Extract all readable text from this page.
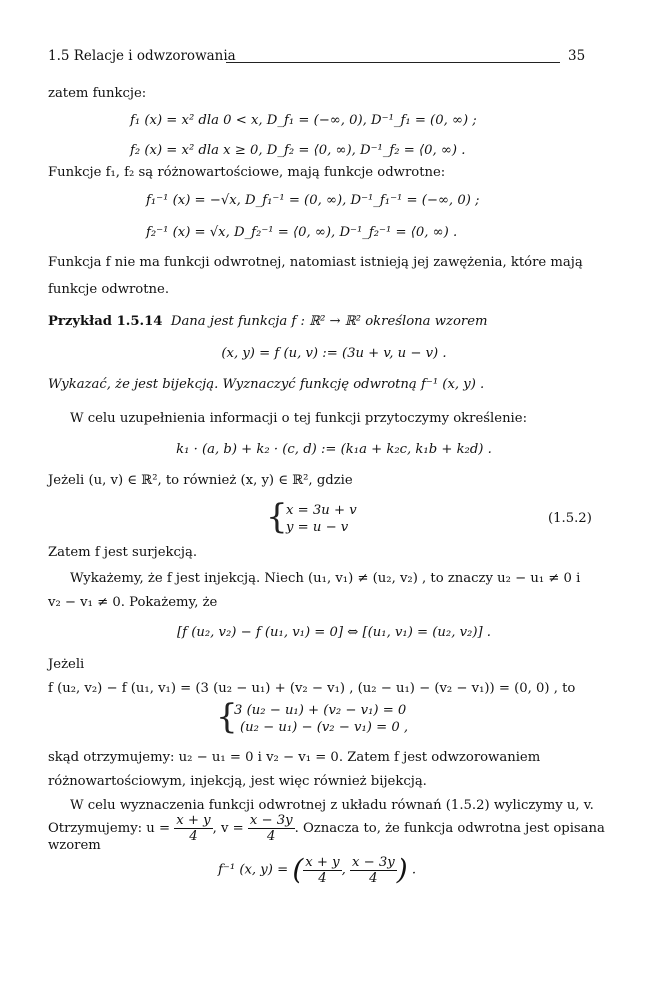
1.5 Relacje i odwzorowania	35
zatem funkcje:
f₁ (x) = x² dla 0 < x, D_f₁ = (−∞, 0), D⁻¹_f₁ = (0, ∞) ;
f₂ (x) = x² dla x ≥ 0, D_f₂ = ⟨0, ∞), D⁻¹_f₂ = ⟨0, ∞) .
Funkcje f₁, f₂ są różnowartościowe, mają funkcje odwrotne:
f₁⁻¹ (x) = −√x, D_f₁⁻¹ = (0, ∞), D⁻¹_f₁⁻¹ = (−∞, 0) ;
f₂⁻¹ (x) = √x, D_f₂⁻¹ = ⟨0, ∞), D⁻¹_f₂⁻¹ = ⟨0, ∞) .
Funkcja f nie ma funkcji odwrotnej, natomiast istnieją jej zawężenia, które mają
funkcje odwrotne.
Przykład 1.5.14 Dana jest funkcja f : ℝ² → ℝ² określona wzorem
(x, y) = f (u, v) := (3u + v, u − v) .
Wykazać, że jest bijekcją. Wyznaczyć funkcję odwrotną f⁻¹ (x, y) .
W celu uzupełnienia informacji o tej funkcji przytoczymy określenie:
k₁ · (a, b) + k₂ · (c, d) := (k₁a + k₂c, k₁b + k₂d) .
Jeżeli (u, v) ∈ ℝ², to również (x, y) ∈ ℝ², gdzie
{
x = 3u + v
y = u − v
(1.5.2)
Zatem f jest surjekcją.
Wykażemy, że f jest injekcją. Niech (u₁, v₁) ≠ (u₂, v₂) , to znaczy u₂ − u₁ ≠ 0 i
v₂ − v₁ ≠ 0. Pokażemy, że
[f (u₂, v₂) − f (u₁, v₁) = 0] ⇔ [(u₁, v₁) = (u₂, v₂)] .
Jeżeli
f (u₂, v₂) − f (u₁, v₁) = (3 (u₂ − u₁) + (v₂ − v₁) , (u₂ − u₁) − (v₂ − v₁)) = (0, 0) , to
{
3 (u₂ − u₁) + (v₂ − v₁) = 0
(u₂ − u₁) − (v₂ − v₁) = 0 ,
skąd otrzymujemy: u₂ − u₁ = 0 i v₂ − v₁ = 0. Zatem f jest odwzorowaniem
różnowartościowym, injekcją, jest więc również bijekcją.
W celu wyznaczenia funkcji odwrotnej z układu równań (1.5.2) wyliczymy u, v.
Otrzymujemy: $u = \frac{x + y}{4}$ , $v = \frac{x - 3y}{4}$ . Oznacza to, że funkcja odwrotna jest opisana
wzorem
f⁻¹ (x, y) = ( $\frac{x + y}{4}$ , $\frac{x - 3y}{4}$ ) .
